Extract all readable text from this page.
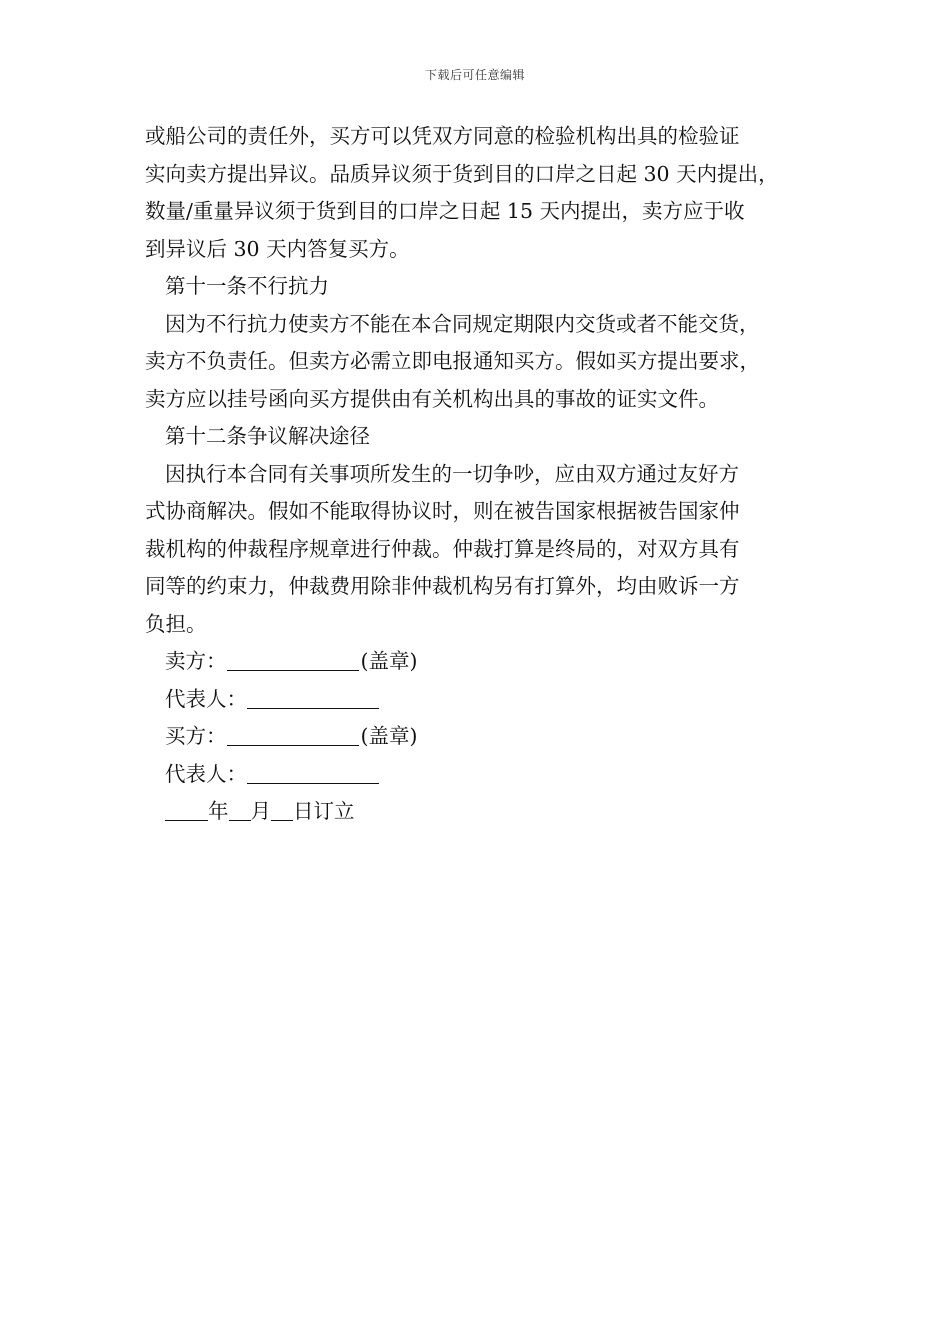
下载后可任意编辑
或船公司的责任外，买方可以凭双方同意的检验机构出具的检验证
实向卖方提出异议。品质异议须于货到目的口岸之日起 30 天内提出，
数量/重量异议须于货到目的口岸之日起 15 天内提出，卖方应于收
到异议后 30 天内答复买方。
第十一条不行抗力
因为不行抗力使卖方不能在本合同规定期限内交货或者不能交货，
卖方不负责任。但卖方必需立即电报通知买方。假如买方提出要求，
卖方应以挂号函向买方提供由有关机构出具的事故的证实文件。
第十二条争议解决途径
因执行本合同有关事项所发生的一切争吵，应由双方通过友好方
式协商解决。假如不能取得协议时，则在被告国家根据被告国家仲
裁机构的仲裁程序规章进行仲裁。仲裁打算是终局的，对双方具有
同等的约束力，仲裁费用除非仲裁机构另有打算外，均由败诉一方
负担。
卖方：	(盖章)
代表人：
买方：	(盖章)
代表人：
年 月 日订立
